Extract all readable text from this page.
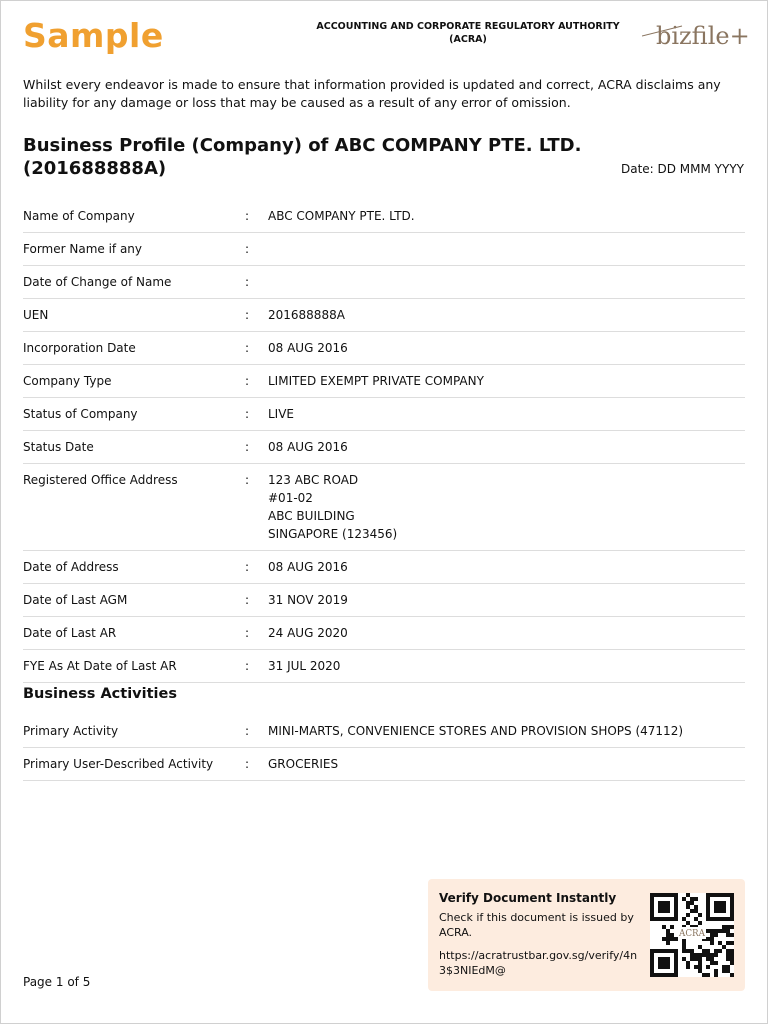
Sample	ACCOUNTING AND CORPORATE REGULATORY AUTHORITY
(ACRA)	bizfile+
Whilst every endeavor is made to ensure that information provided is updated and correct, ACRA disclaims any liability for any damage or loss that may be caused as a result of any error of omission.
Business Profile (Company) of ABC COMPANY PTE. LTD. (201688888A)	Date: DD MMM YYYY
Name of Company	:	ABC COMPANY PTE. LTD.
Former Name if any	:
Date of Change of Name	:
UEN	:	201688888A
Incorporation Date	:	08 AUG 2016
Company Type	:	LIMITED EXEMPT PRIVATE COMPANY
Status of Company	:	LIVE
Status Date	:	08 AUG 2016
Registered Office Address	:	123 ABC ROAD
#01-02
ABC BUILDING
SINGAPORE (123456)
Date of Address	:	08 AUG 2016
Date of Last AGM	:	31 NOV 2019
Date of Last AR	:	24 AUG 2020
FYE As At Date of Last AR	:	31 JUL 2020
Business Activities
Primary Activity	:	MINI-MARTS, CONVENIENCE STORES AND PROVISION SHOPS (47112)
Primary User-Described Activity	:	GROCERIES
Page 1 of 5
Verify Document Instantly
Check if this document is issued by ACRA.
https://acratrustbar.gov.sg/verify/4n3$3NIEdM@
ACRA
